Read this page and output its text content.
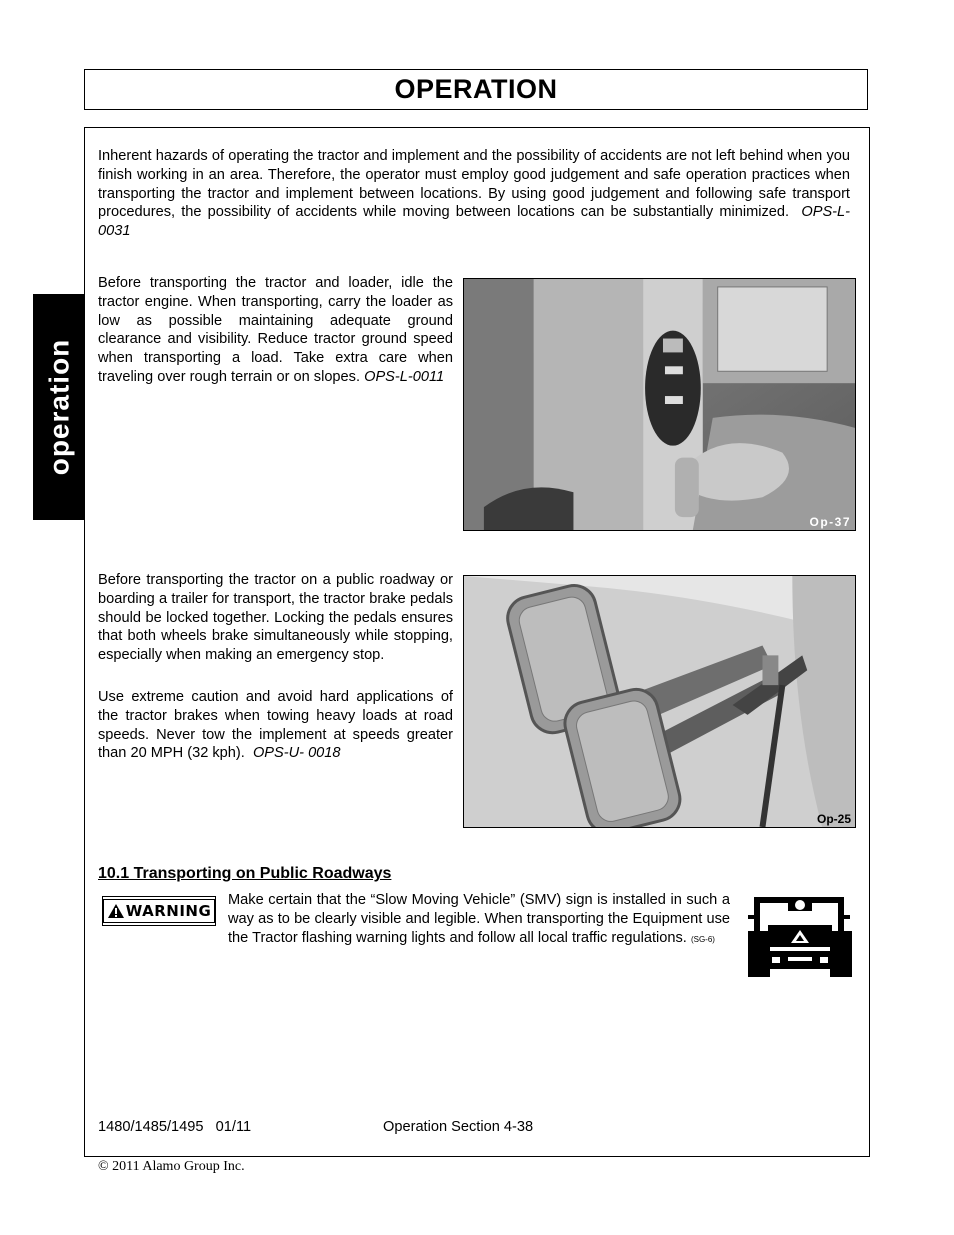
OPERATION
operation

Inherent hazards of operating the tractor and implement and the possibility of accidents are not left behind when you finish working in an area. Therefore, the operator must employ good judgement and safe operation practices when transporting the tractor and implement between locations. By using good judgement and following safe transport procedures, the possibility of accidents while moving between locations can be substantially minimized. OPS-L- 0031

Before transporting the tractor and loader, idle the tractor engine. When transporting, carry the loader as low as possible maintaining adequate ground clearance and visibility. Reduce tractor ground speed when transporting a load. Take extra care when traveling over rough terrain or on slopes. OPS-L-0011

Op-37

Before transporting the tractor on a public roadway or boarding a trailer for transport, the tractor brake pedals should be locked together. Locking the pedals ensures that both wheels brake simultaneously while stopping, especially when making an emergency stop.

Use extreme caution and avoid hard applications of the tractor brakes when towing heavy loads at road speeds. Never tow the implement at speeds greater than 20 MPH (32 kph). OPS-U- 0018

Op-25
10.1 Transporting on Public Roadways
WARNING

Make certain that the “Slow Moving Vehicle” (SMV) sign is installed in such a way as to be clearly visible and legible. When transporting the Equipment use the Tractor flashing warning lights and follow all local traffic regulations. (SG-6)

1480/1485/1495   01/11	Operation Section 4-38
© 2011 Alamo Group Inc.
